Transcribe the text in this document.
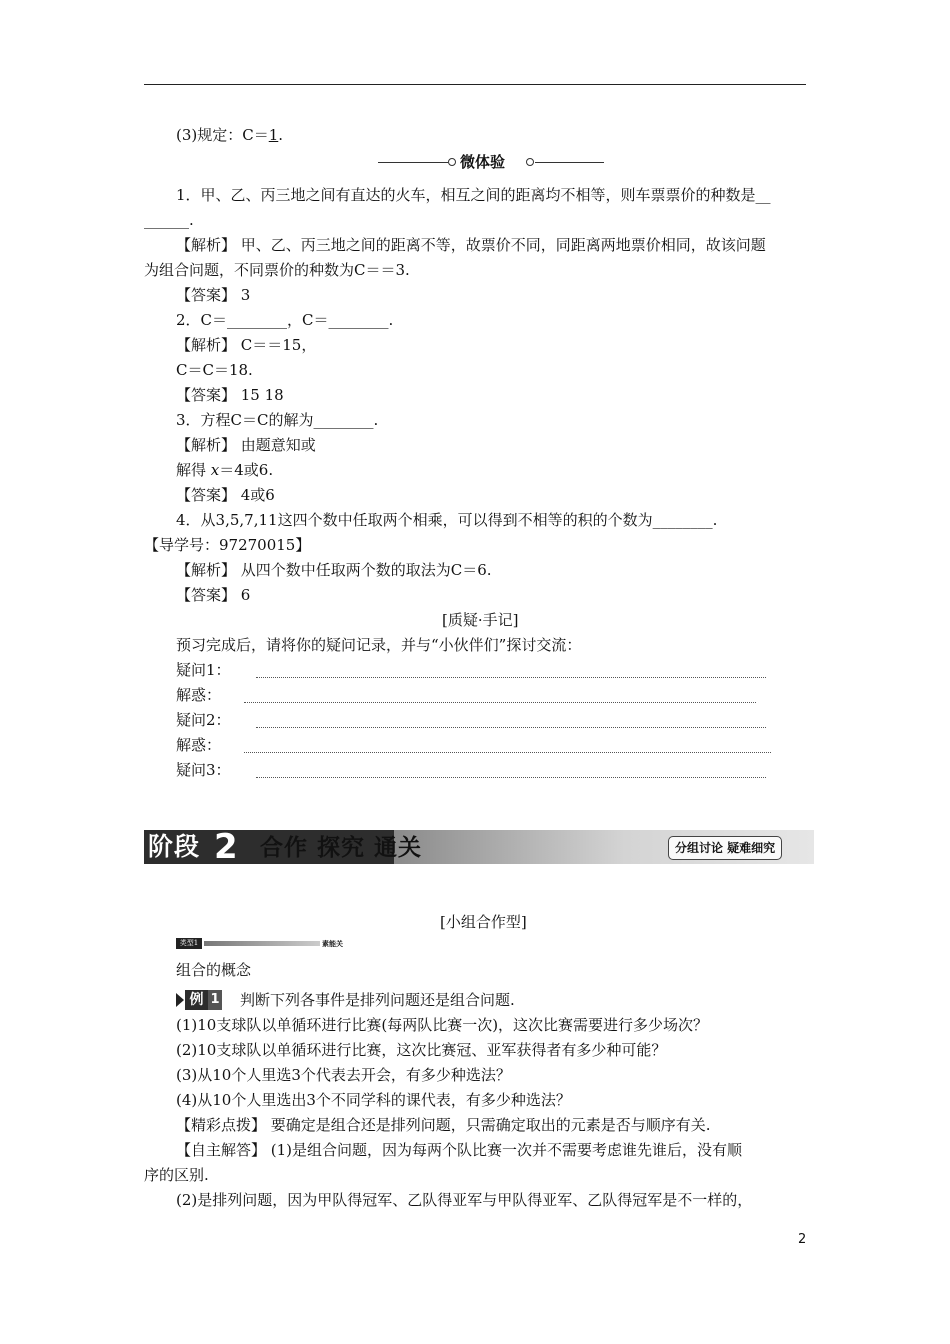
(3)规定：C＝1.
微体验
1．甲、乙、丙三地之间有直达的火车，相互之间的距离均不相等，则车票票价的种数是__
______.
【解析】 甲、乙、丙三地之间的距离不等，故票价不同，同距离两地票价相同，故该问题
为组合问题，不同票价的种数为C＝＝3.
【答案】 3
2．C＝________，C＝________.
【解析】 C＝＝15，
C＝C＝18.
【答案】 15 18
3．方程C＝C的解为________.
【解析】 由题意知或
解得 x＝4或6.
【答案】 4或6
4．从3,5,7,11这四个数中任取两个相乘，可以得到不相等的积的个数为________.
【导学号：97270015】
【解析】 从四个数中任取两个数的取法为C＝6.
【答案】 6
[质疑·手记]
预习完成后，请将你的疑问记录，并与“小伙伴们”探讨交流：
疑问1：
解惑：
疑问2：
解惑：
疑问3：
阶段 2 合作 探究 通关	分组讨论 疑难细究
[小组合作型]
类型1	素能关
组合的概念
例 1 判断下列各事件是排列问题还是组合问题.
(1)10支球队以单循环进行比赛(每两队比赛一次)，这次比赛需要进行多少场次？
(2)10支球队以单循环进行比赛，这次比赛冠、亚军获得者有多少种可能？
(3)从10个人里选3个代表去开会，有多少种选法？
(4)从10个人里选出3个不同学科的课代表，有多少种选法？
【精彩点拨】 要确定是组合还是排列问题，只需确定取出的元素是否与顺序有关.
【自主解答】 (1)是组合问题，因为每两个队比赛一次并不需要考虑谁先谁后，没有顺
序的区别.
(2)是排列问题，因为甲队得冠军、乙队得亚军与甲队得亚军、乙队得冠军是不一样的，
2
